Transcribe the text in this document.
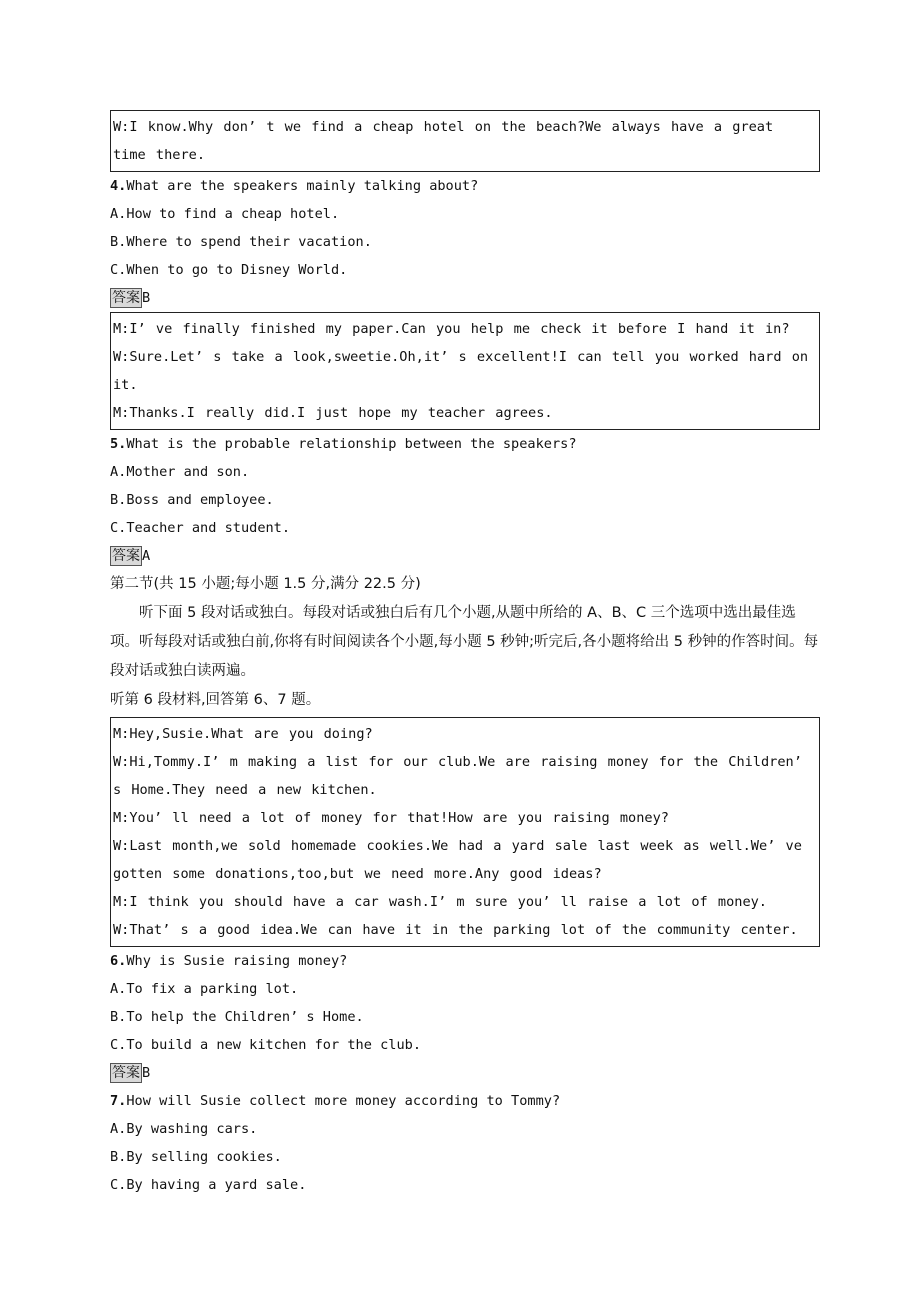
W:I know.Why don’ t we find a cheap hotel on the beach?We always have a great time there.
4.What are the speakers mainly talking about?
A.How to find a cheap hotel.
B.Where to spend their vacation.
C.When to go to Disney World.
答案 B
M:I’ ve finally finished my paper.Can you help me check it before I hand it in?
W:Sure.Let’ s take a look,sweetie.Oh,it’ s excellent!I can tell you worked hard on it.
M:Thanks.I really did.I just hope my teacher agrees.
5.What is the probable relationship between the speakers?
A.Mother and son.
B.Boss and employee.
C.Teacher and student.
答案 A
第二节(共 15 小题;每小题 1.5 分,满分 22.5 分)
听下面 5 段对话或独白。每段对话或独白后有几个小题,从题中所给的 A、B、C 三个选项中选出最佳选项。听每段对话或独白前,你将有时间阅读各个小题,每小题 5 秒钟;听完后,各小题将给出 5 秒钟的作答时间。每段对话或独白读两遍。
听第 6 段材料,回答第 6、7 题。
M:Hey,Susie.What are you doing?
W:Hi,Tommy.I’ m making a list for our club.We are raising money for the Children’ s Home.They need a new kitchen.
M:You’ ll need a lot of money for that!How are you raising money?
W:Last month,we sold homemade cookies.We had a yard sale last week as well.We’ ve gotten some donations,too,but we need more.Any good ideas?
M:I think you should have a car wash.I’ m sure you’ ll raise a lot of money.
W:That’ s a good idea.We can have it in the parking lot of the community center.
6.Why is Susie raising money?
A.To fix a parking lot.
B.To help the Children’ s Home.
C.To build a new kitchen for the club.
答案 B
7.How will Susie collect more money according to Tommy?
A.By washing cars.
B.By selling cookies.
C.By having a yard sale.
